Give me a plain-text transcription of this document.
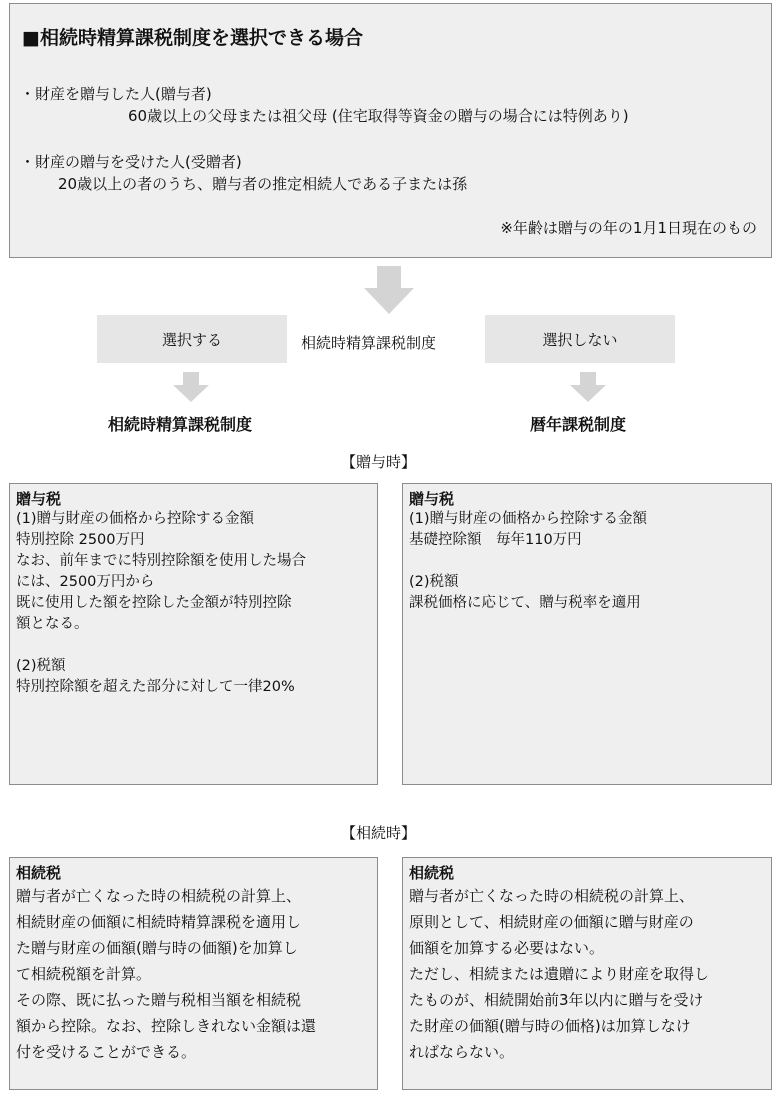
■相続時精算課税制度を選択できる場合
・財産を贈与した人(贈与者)
60歳以上の父母または祖父母 (住宅取得等資金の贈与の場合には特例あり)
・財産の贈与を受けた人(受贈者)
20歳以上の者のうち、贈与者の推定相続人である子または孫
※年齢は贈与の年の1月1日現在のもの
選択する	相続時精算課税制度	選択しない
相続時精算課税制度	暦年課税制度
【贈与時】
贈与税
(1)贈与財産の価格から控除する金額
特別控除 2500万円
なお、前年までに特別控除額を使用した場合
には、2500万円から
既に使用した額を控除した金額が特別控除
額となる。
(2)税額
特別控除額を超えた部分に対して一律20%
贈与税
(1)贈与財産の価格から控除する金額
基礎控除額　毎年110万円
(2)税額
課税価格に応じて、贈与税率を適用
【相続時】
相続税
贈与者が亡くなった時の相続税の計算上、
相続財産の価額に相続時精算課税を適用し
た贈与財産の価額(贈与時の価額)を加算し
て相続税額を計算。
その際、既に払った贈与税相当額を相続税
額から控除。なお、控除しきれない金額は還
付を受けることができる。
相続税
贈与者が亡くなった時の相続税の計算上、
原則として、相続財産の価額に贈与財産の
価額を加算する必要はない。
ただし、相続または遺贈により財産を取得し
たものが、相続開始前3年以内に贈与を受け
た財産の価額(贈与時の価格)は加算しなけ
ればならない。
